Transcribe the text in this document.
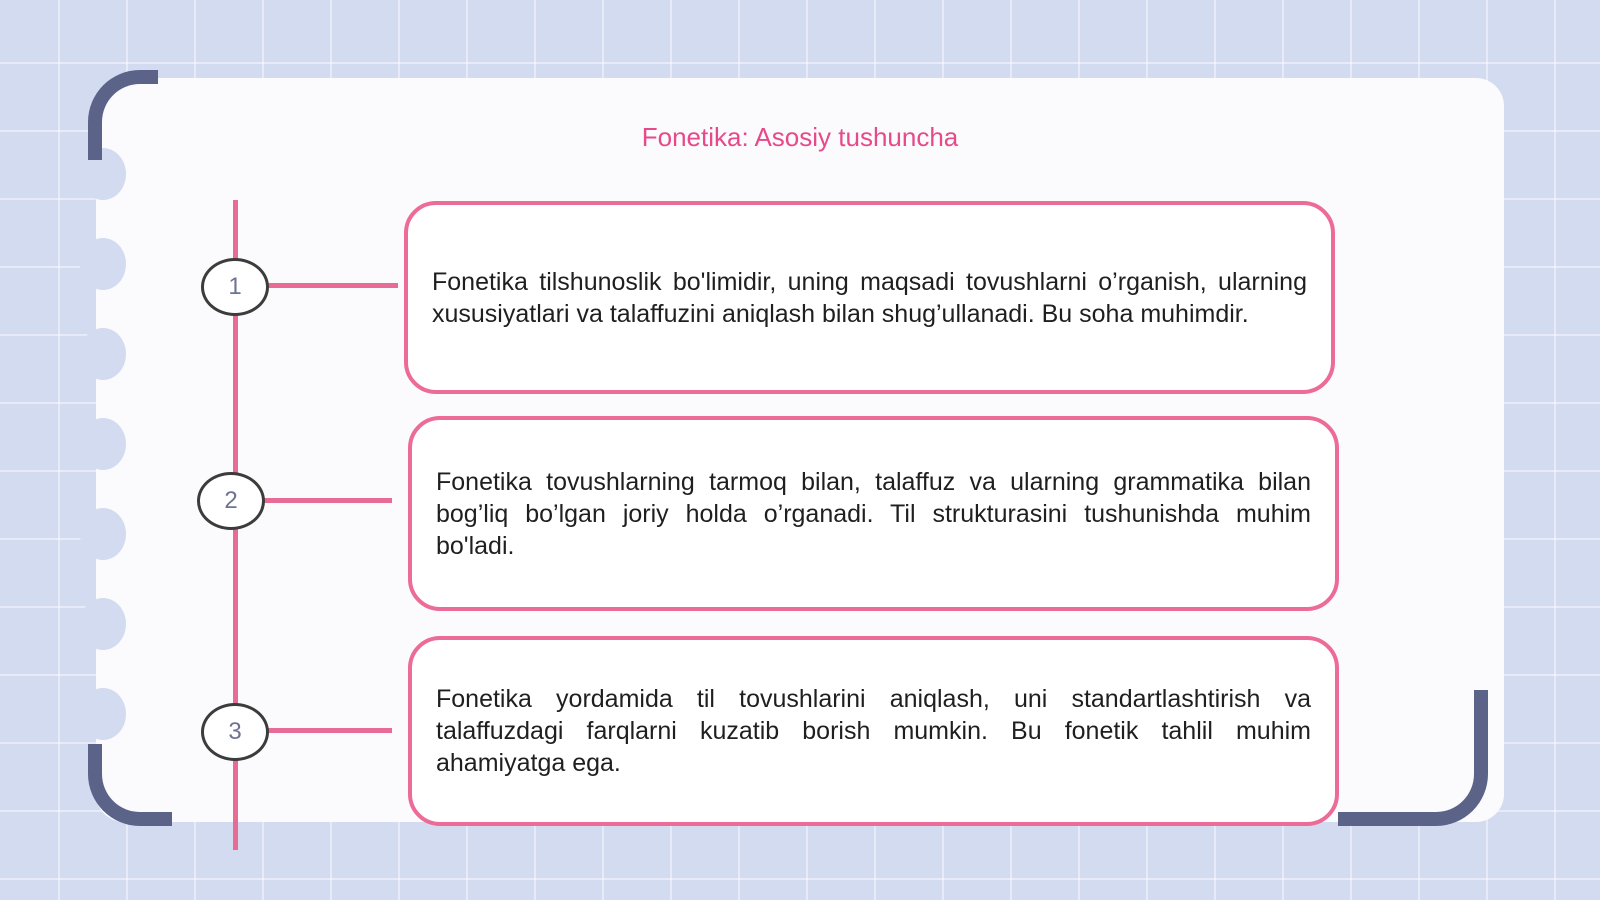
Fonetika: Asosiy tushuncha
1
2
3

Fonetika tilshunoslik bo'limidir, uning maqsadi tovushlarni o’rganish, ularning xususiyatlari va talaffuzini aniqlash bilan shug’ullanadi. Bu soha muhimdir.

Fonetika tovushlarning tarmoq bilan, talaffuz va ularning grammatika bilan bog’liq bo’lgan joriy holda o’rganadi. Til strukturasini tushunishda muhim bo'ladi.

Fonetika yordamida til tovushlarini aniqlash, uni standartlashtirish va talaffuzdagi farqlarni kuzatib borish mumkin. Bu fonetik tahlil muhim ahamiyatga ega.
